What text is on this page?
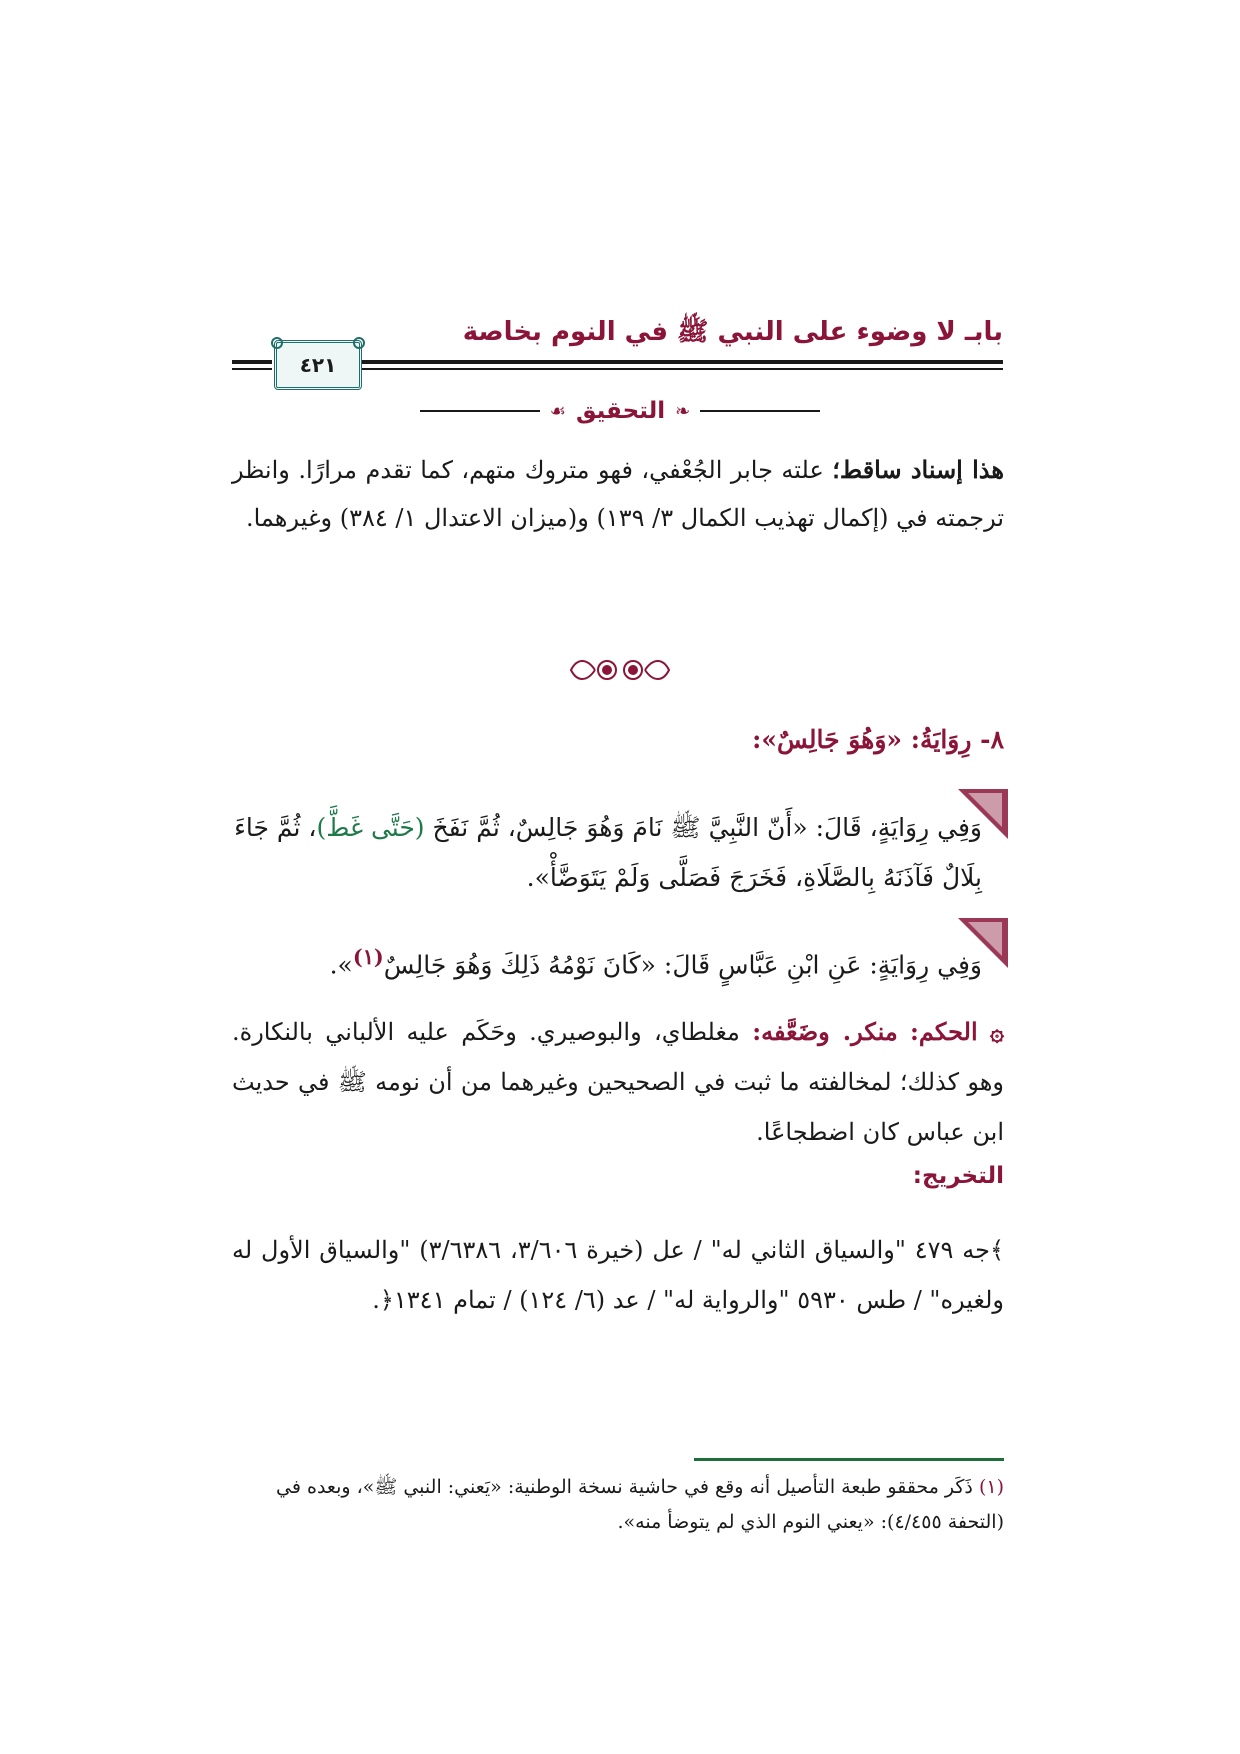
بابـ لا وضوء على النبي ﷺ في النوم بخاصة
٤٢١
❧
التحقيق
☙
هذا إسناد ساقط؛ علته جابر الجُعْفي، فهو متروك متهم، كما تقدم مرارًا. وانظر ترجمته في (إكمال تهذيب الكمال ٣/ ١٣٩) و(ميزان الاعتدال ١/ ٣٨٤) وغيرهما.
٨- رِوَايَةُ: «وَهُوَ جَالِسٌ»:
وَفِي رِوَايَةٍ، قَالَ: «أَنّ النَّبِيَّ ﷺ نَامَ وَهُوَ جَالِسٌ، ثُمَّ نَفَخَ (حَتَّى غَطَّ)، ثُمَّ جَاءَ بِلَالٌ فَآذَنَهُ بِالصَّلَاةِ، فَخَرَجَ فَصَلَّى وَلَمْ يَتَوَضَّأْ».
وَفِي رِوَايَةٍ: عَنِ ابْنِ عَبَّاسٍ قَالَ: «كَانَ نَوْمُهُ ذَلِكَ وَهُوَ جَالِسٌ$^{(١)}$».
۞ الحكم: منكر. وضَعَّفه: مغلطاي، والبوصيري. وحَكَم عليه الألباني بالنكارة. وهو كذلك؛ لمخالفته ما ثبت في الصحيحين وغيرهما من أن نومه ﷺ في حديث ابن عباس كان اضطجاعًا.
التخريج:
﴾جه ٤٧٩ "والسياق الثاني له" / عل (خيرة ٣/٦٠٦، ٣/٦٣٨٦) "والسياق الأول له ولغيره" / طس ٥٩٣٠ "والرواية له" / عد (٦/ ١٢٤) / تمام ١٣٤١﴿.
(١) ذَكَر محققو طبعة التأصيل أنه وقع في حاشية نسخة الوطنية: «يَعني: النبي ﷺ»، وبعده في (التحفة ٤/٤٥٥): «يعني النوم الذي لم يتوضأ منه».
